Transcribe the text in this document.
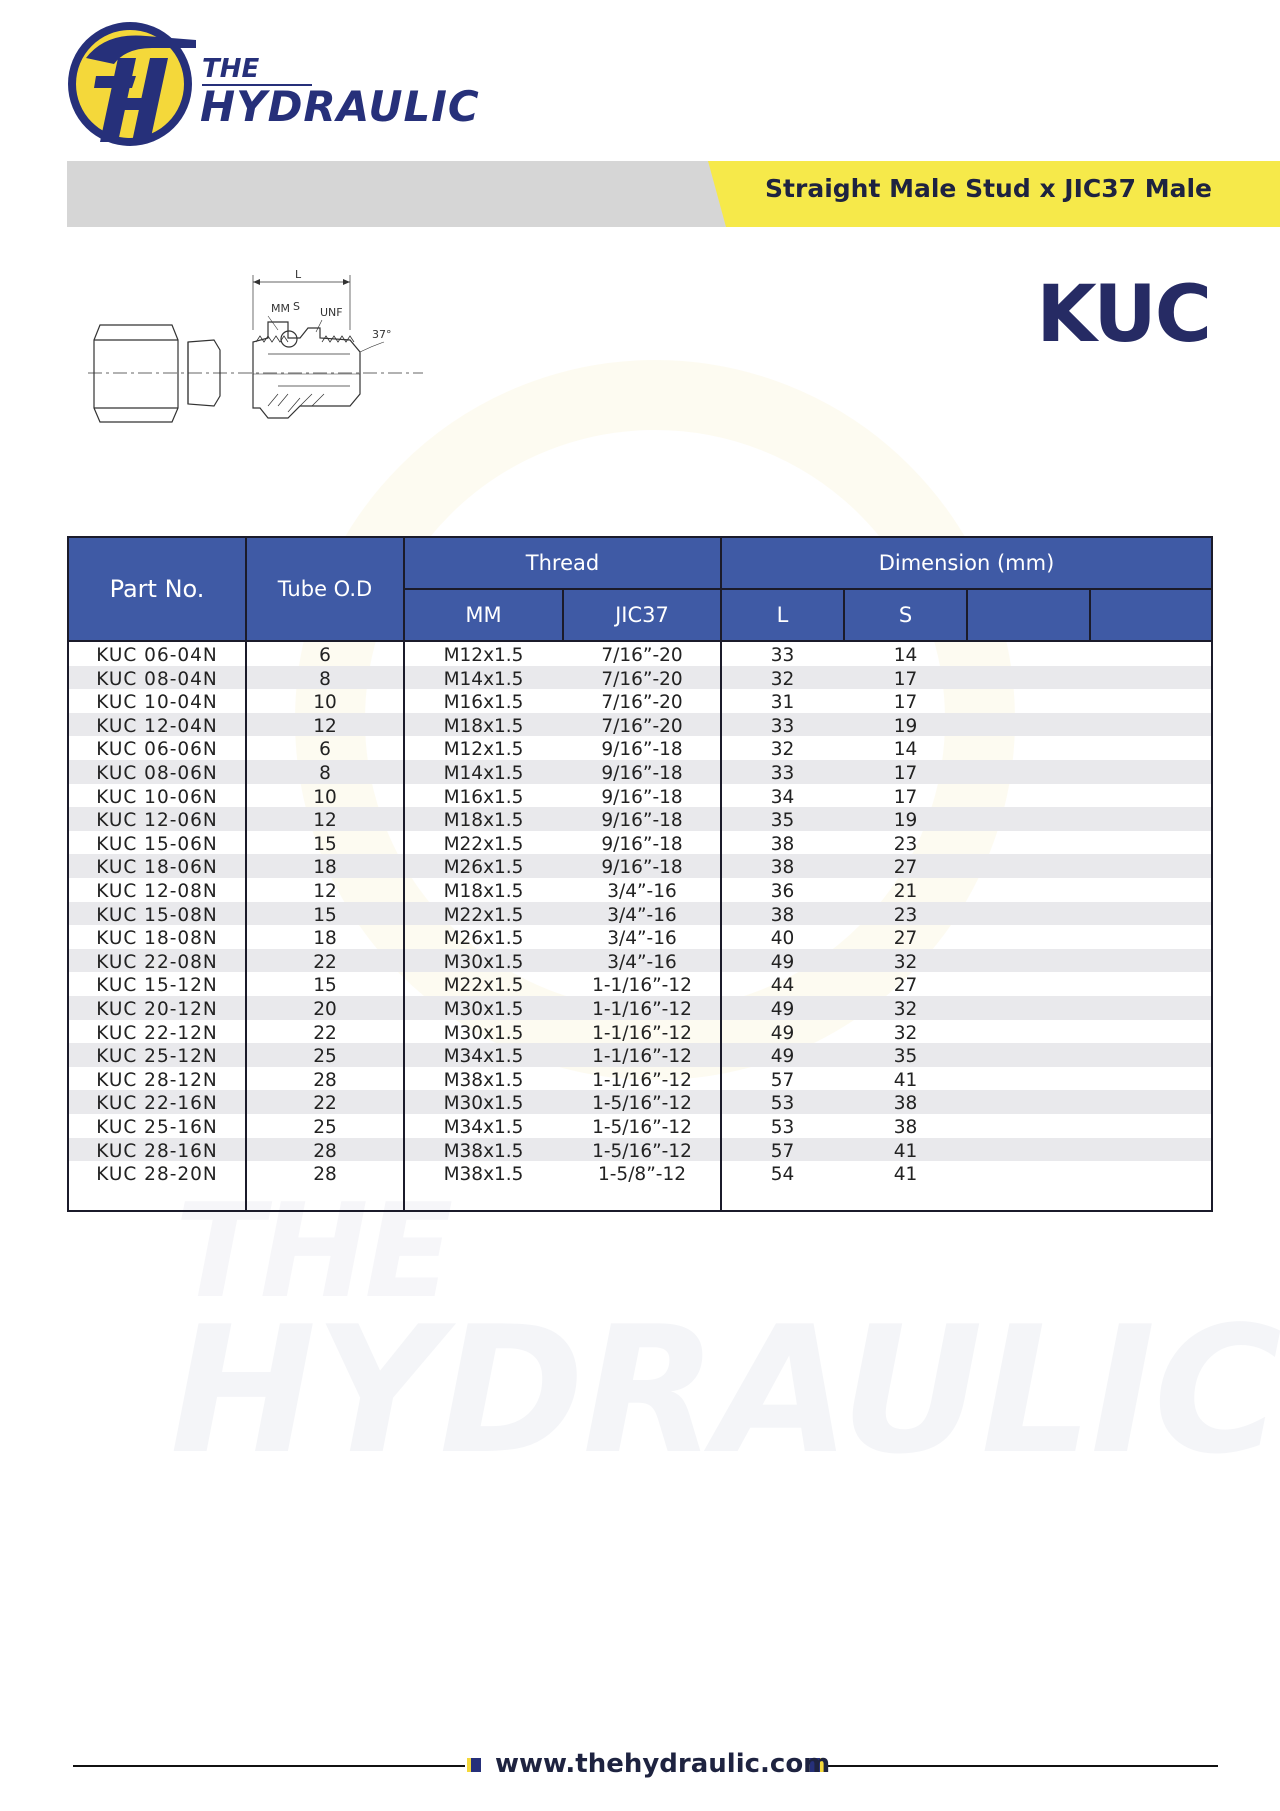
HYDRAULIC
THE
HYDRAULIC
Straight Male Stud x JIC37 Male
KUC
L
MM S UNF
37°
Part No.	Tube O.D
Thread	Dimension (mm)
MM	JIC37	L	S
KUC 06-04N	6	M12x1.5	7/16”-20	33	14
KUC 08-04N	8	M14x1.5	7/16”-20	32	17
KUC 10-04N	10	M16x1.5	7/16”-20	31	17
KUC 12-04N	12	M18x1.5	7/16”-20	33	19
KUC 06-06N	6	M12x1.5	9/16”-18	32	14
KUC 08-06N	8	M14x1.5	9/16”-18	33	17
KUC 10-06N	10	M16x1.5	9/16”-18	34	17
KUC 12-06N	12	M18x1.5	9/16”-18	35	19
KUC 15-06N	15	M22x1.5	9/16”-18	38	23
KUC 18-06N	18	M26x1.5	9/16”-18	38	27
KUC 12-08N	12	M18x1.5	3/4”-16	36	21
KUC 15-08N	15	M22x1.5	3/4”-16	38	23
KUC 18-08N	18	M26x1.5	3/4”-16	40	27
KUC 22-08N	22	M30x1.5	3/4”-16	49	32
KUC 15-12N	15	M22x1.5	1-1/16”-12	44	27
KUC 20-12N	20	M30x1.5	1-1/16”-12	49	32
KUC 22-12N	22	M30x1.5	1-1/16”-12	49	32
KUC 25-12N	25	M34x1.5	1-1/16”-12	49	35
KUC 28-12N	28	M38x1.5	1-1/16”-12	57	41
KUC 22-16N	22	M30x1.5	1-5/16”-12	53	38
KUC 25-16N	25	M34x1.5	1-5/16”-12	53	38
KUC 28-16N	28	M38x1.5	1-5/16”-12	57	41
KUC 28-20N	28	M38x1.5	1-5/8”-12	54	41
www.thehydraulic.com
